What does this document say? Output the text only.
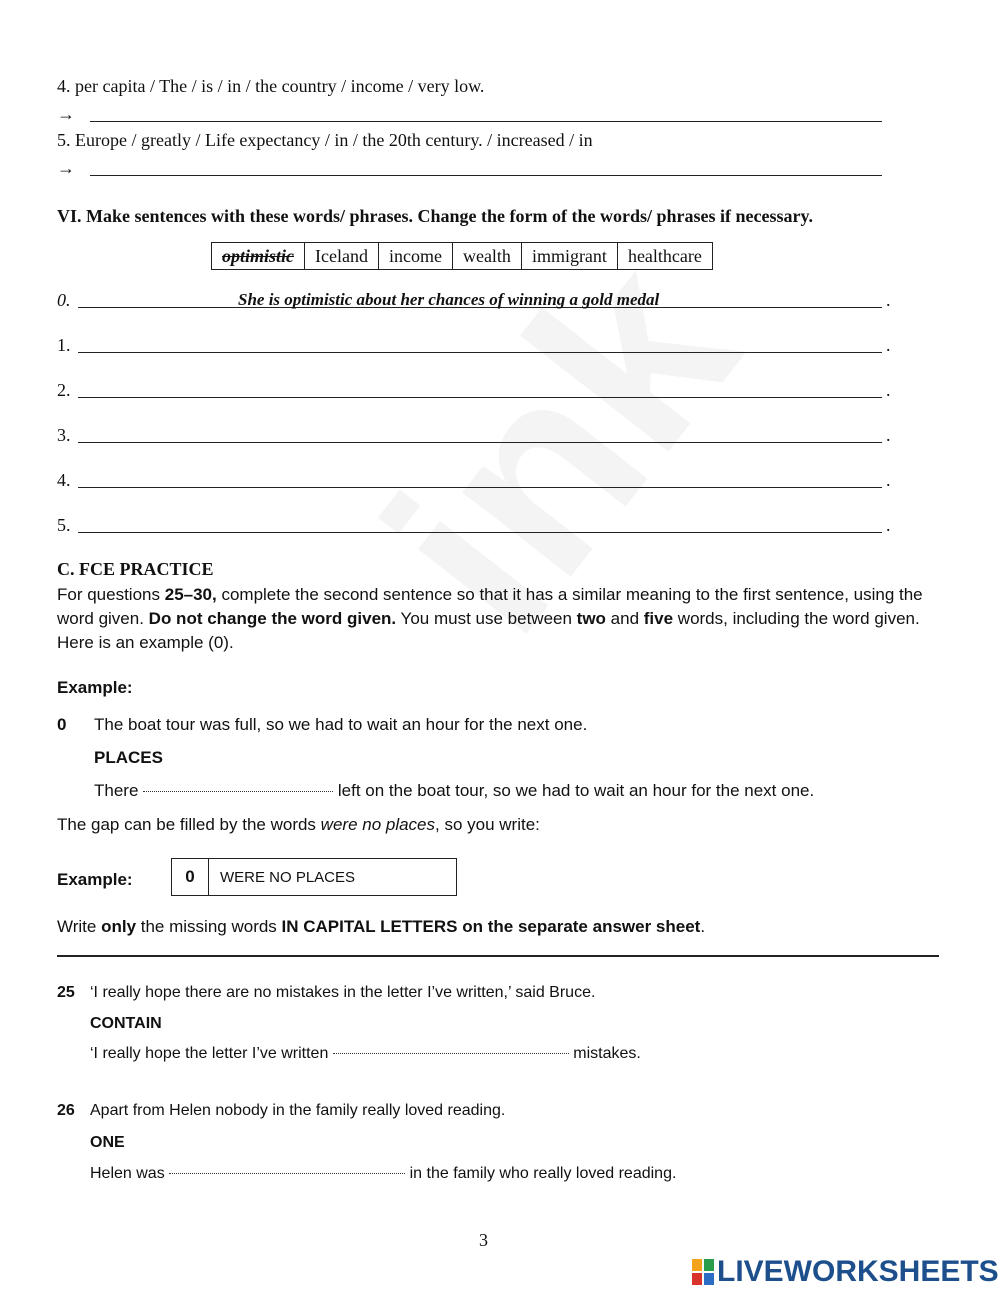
4. per capita / The / is / in / the country / income / very low.
→
5. Europe / greatly / Life expectancy / in / the 20th century. / increased / in
→
VI. Make sentences with these words/ phrases. Change the form of the words/ phrases if necessary.
optimistic	Iceland	income	wealth	immigrant	healthcare
0.	She is optimistic about her chances of winning a gold medal	.
1.	.
2.	.
3.	.
4.	.
5.	.
C. FCE PRACTICE
For questions 25–30, complete the second sentence so that it has a similar meaning to the first sentence, using the word given. Do not change the word given. You must use between two and five words, including the word given. Here is an example (0).
Example:
0 The boat tour was full, so we had to wait an hour for the next one.
PLACES
There	left on the boat tour, so we had to wait an hour for the next one.
The gap can be filled by the words were no places, so you write:
Example:	0	WERE NO PLACES
Write only the missing words IN CAPITAL LETTERS on the separate answer sheet.
25 ‘I really hope there are no mistakes in the letter I’ve written,’ said Bruce.
CONTAIN
‘I really hope the letter I’ve written	mistakes.
26 Apart from Helen nobody in the family really loved reading.
ONE
Helen was	in the family who really loved reading.
3
LIVEWORKSHEETS
